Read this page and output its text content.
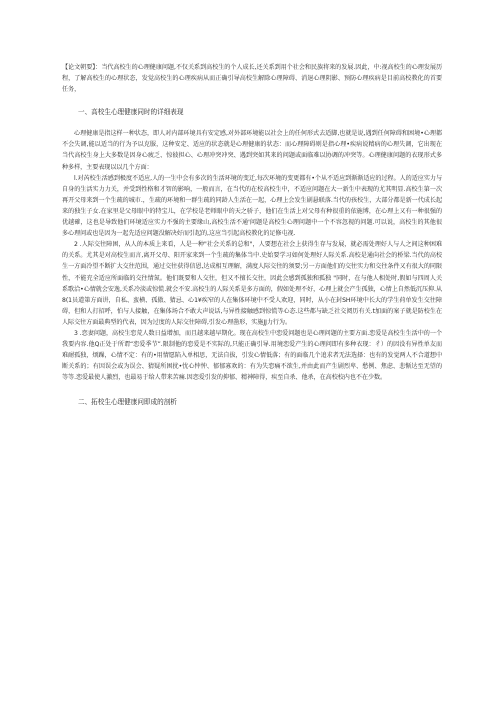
【论文朝要】：当代高校生的心理健康问题,不仅关系到高校生的个人成长,还关系到用个社会和民族将来的发展.因此，中:视高校生的心理发展历程，了解高校生的心理状态，发觉高校生的心理疾病从而正确引导高校生解除心理障碍、消退心理阴影、预防心理疾病是目前高校教化的首要任务，

一、高校生心理健康同时的详细表现

心理健康是指这样一种状态，即人对内部环境具有安定感,对外部环境能以社会上的任何形式去适脚,也就是说,遇到任何障碍和困境•心理都不会失调,能以适当的行为予以克服，这种安定、适应的状态就是心理健康的状态：而心理障碍则是指心理•疾病说精病的心理失调，它出现在当代高校生身上大多数是因身心疲乏、惊彼担心、心理冲突冲突、遇到突如其来的问题或面临难以协调的冲突等。心理健康问题的衣现形式多种多样，主要表现以以几个方面：

l.对芮校生活感到极度不适应,人的一生中会有多次的生活环境的变迁,每次环境的变更都有•个从不适应到渐渐适应的过程。人的适应实力与自身的生活实力力关，并受到性格和才智的影响，一般而言，在当代的在校高校生中，不适应问题在大一新生中表现的尤其明显.高校生第一次再开父母来到一个生疏的城市.，生疏的环境和一群生疏的同龄人生活在一起，心理上会发生剧悬联落.当代的孩校生，大部分都是新一代成长起来的独生子女.在家里是父母眼中的特宝儿，在学校是老师眼中的天之骄子，他们在生活上对父母有种很重的依施博，在心理上又有一种很强的优越確，这也是导致他们环境适应实力不强的主要缘山,高校生活不通'问题是高校生心理问题中一个不容忽视的问题.可以说，高校生的其他很多心理问或也是因为一起先适应问题没解决好而引起的,这应当引起高校教化的足修屯视.

2 .人际交往障困，从人的本质上来看，人是一种"社会关系的总和"，人要想在社会上获得生存与发展，就必需处理好人与人之间这种困难的关系。尤其是对高校生而言,离开父母、阳开家来到一个生疏的集体当中.史始要学习如何处理好人际关系.高校是通向社会的桥梁.当代的高校生一方面冷望不断扩大交往范围，通过交往获得信恩,达成相互理解，满度人际交往的须要;另一方面他们的交往实力和交往条件又有很大的同限性，不能充全适应所面临的交往情氮。他们既要和人交往，但又不擅长交往，因此会感到孤独和孤独 "同时，在与他人相处时,假如与四周人关系歌洽•心情就会安逸,关系冷淡或惊慌.就会不安.高校生的人际关系是多方面的，假如处理不好，心理上就会产生孤独，心情上自然低沉压抑.从8(1员道第方面讲，自私、蛮横、孤傲、猜忌、心1¥疾窄的人在集体环境中不受人欢迎，同时，从小在封SH环境中长大的学生荷单发生交往障碍，但和人打招呼，怕与人接触，在集体场合不敢大声说话,与异性接触感到惊慌等心态.这些都与缺乏社交阅历有关.t加面的案子就是防校生在人际交往方面最典型的代表，因为过度的人际交往障碍,引发心理凿形，实施JJ力行为。

3 .恋妻问题，高校生恋荒人数日益增加，而且越来越早期化。现在高校生中恋爱问题也是心理问题的主要方面.恋爱是高校生生活中的一个我要内容.他Q正处于所谓“恋爱季节”.限制他的恋爱是不实际的,只能正确引导.用境恋爱产生的心理问即有多种衣现：彳）的因没有异性单友而难耐孤独，烦躁，心情不定：有的•用情愿陷入单相思，无法自拔，引发心情低落；有的面临几个追求者无法选择：也有的发觉两人不合道想中断关系的；有因误会或为误会、猜疑所困扰•忧心忡忡、郁郁寡欢的：有为失恋痛不欲生,并由此而产生剧烈卑、愁例、焦虑、悲惭达至无望的等等.恋爱最使人激烈，也最易于给人带来苦痛.因恋爱引发的抑郁、精神障得，疾至自杀、他杀，在高校校内也不在少数。

二、拓校生心理健康问即成的剖析
